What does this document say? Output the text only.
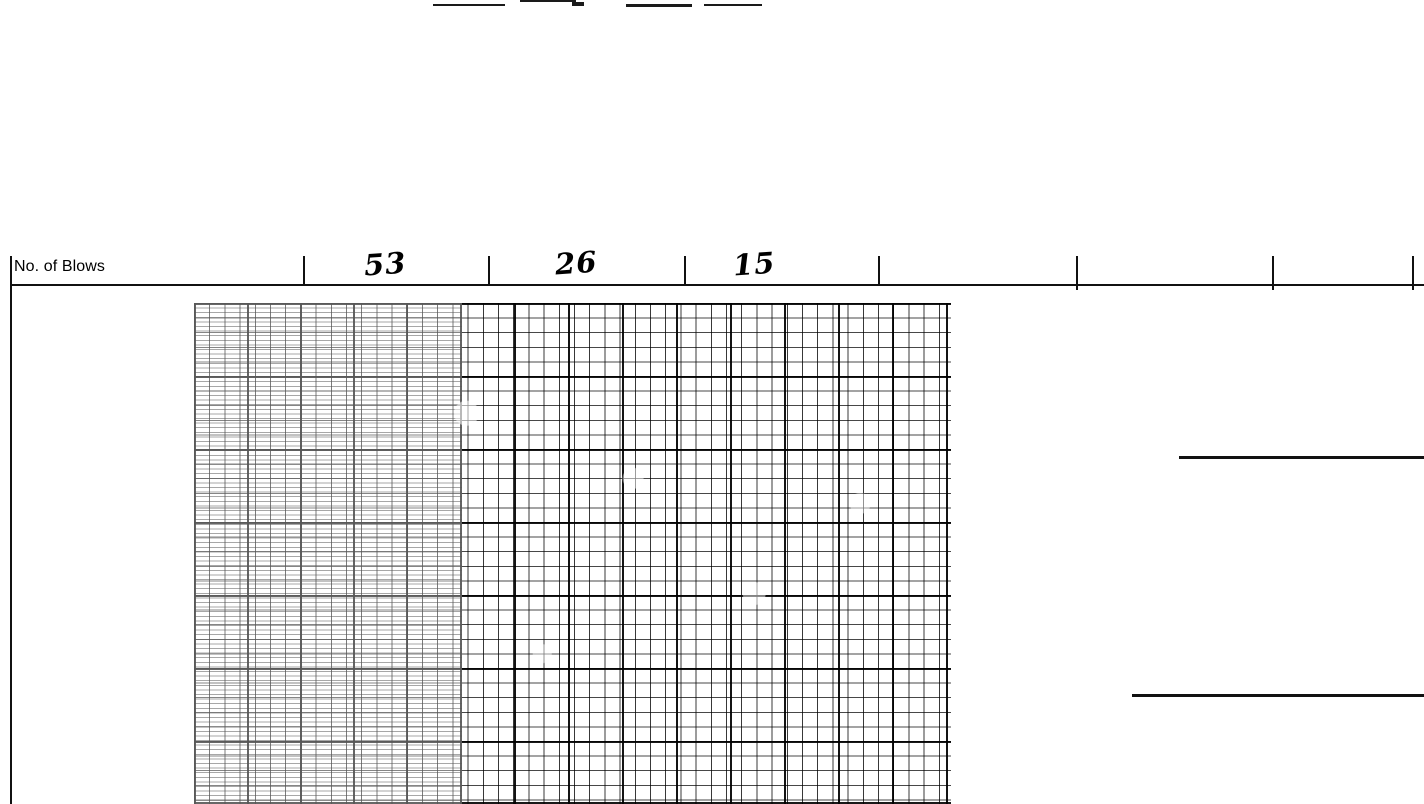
No. of Blows	53	26	15
